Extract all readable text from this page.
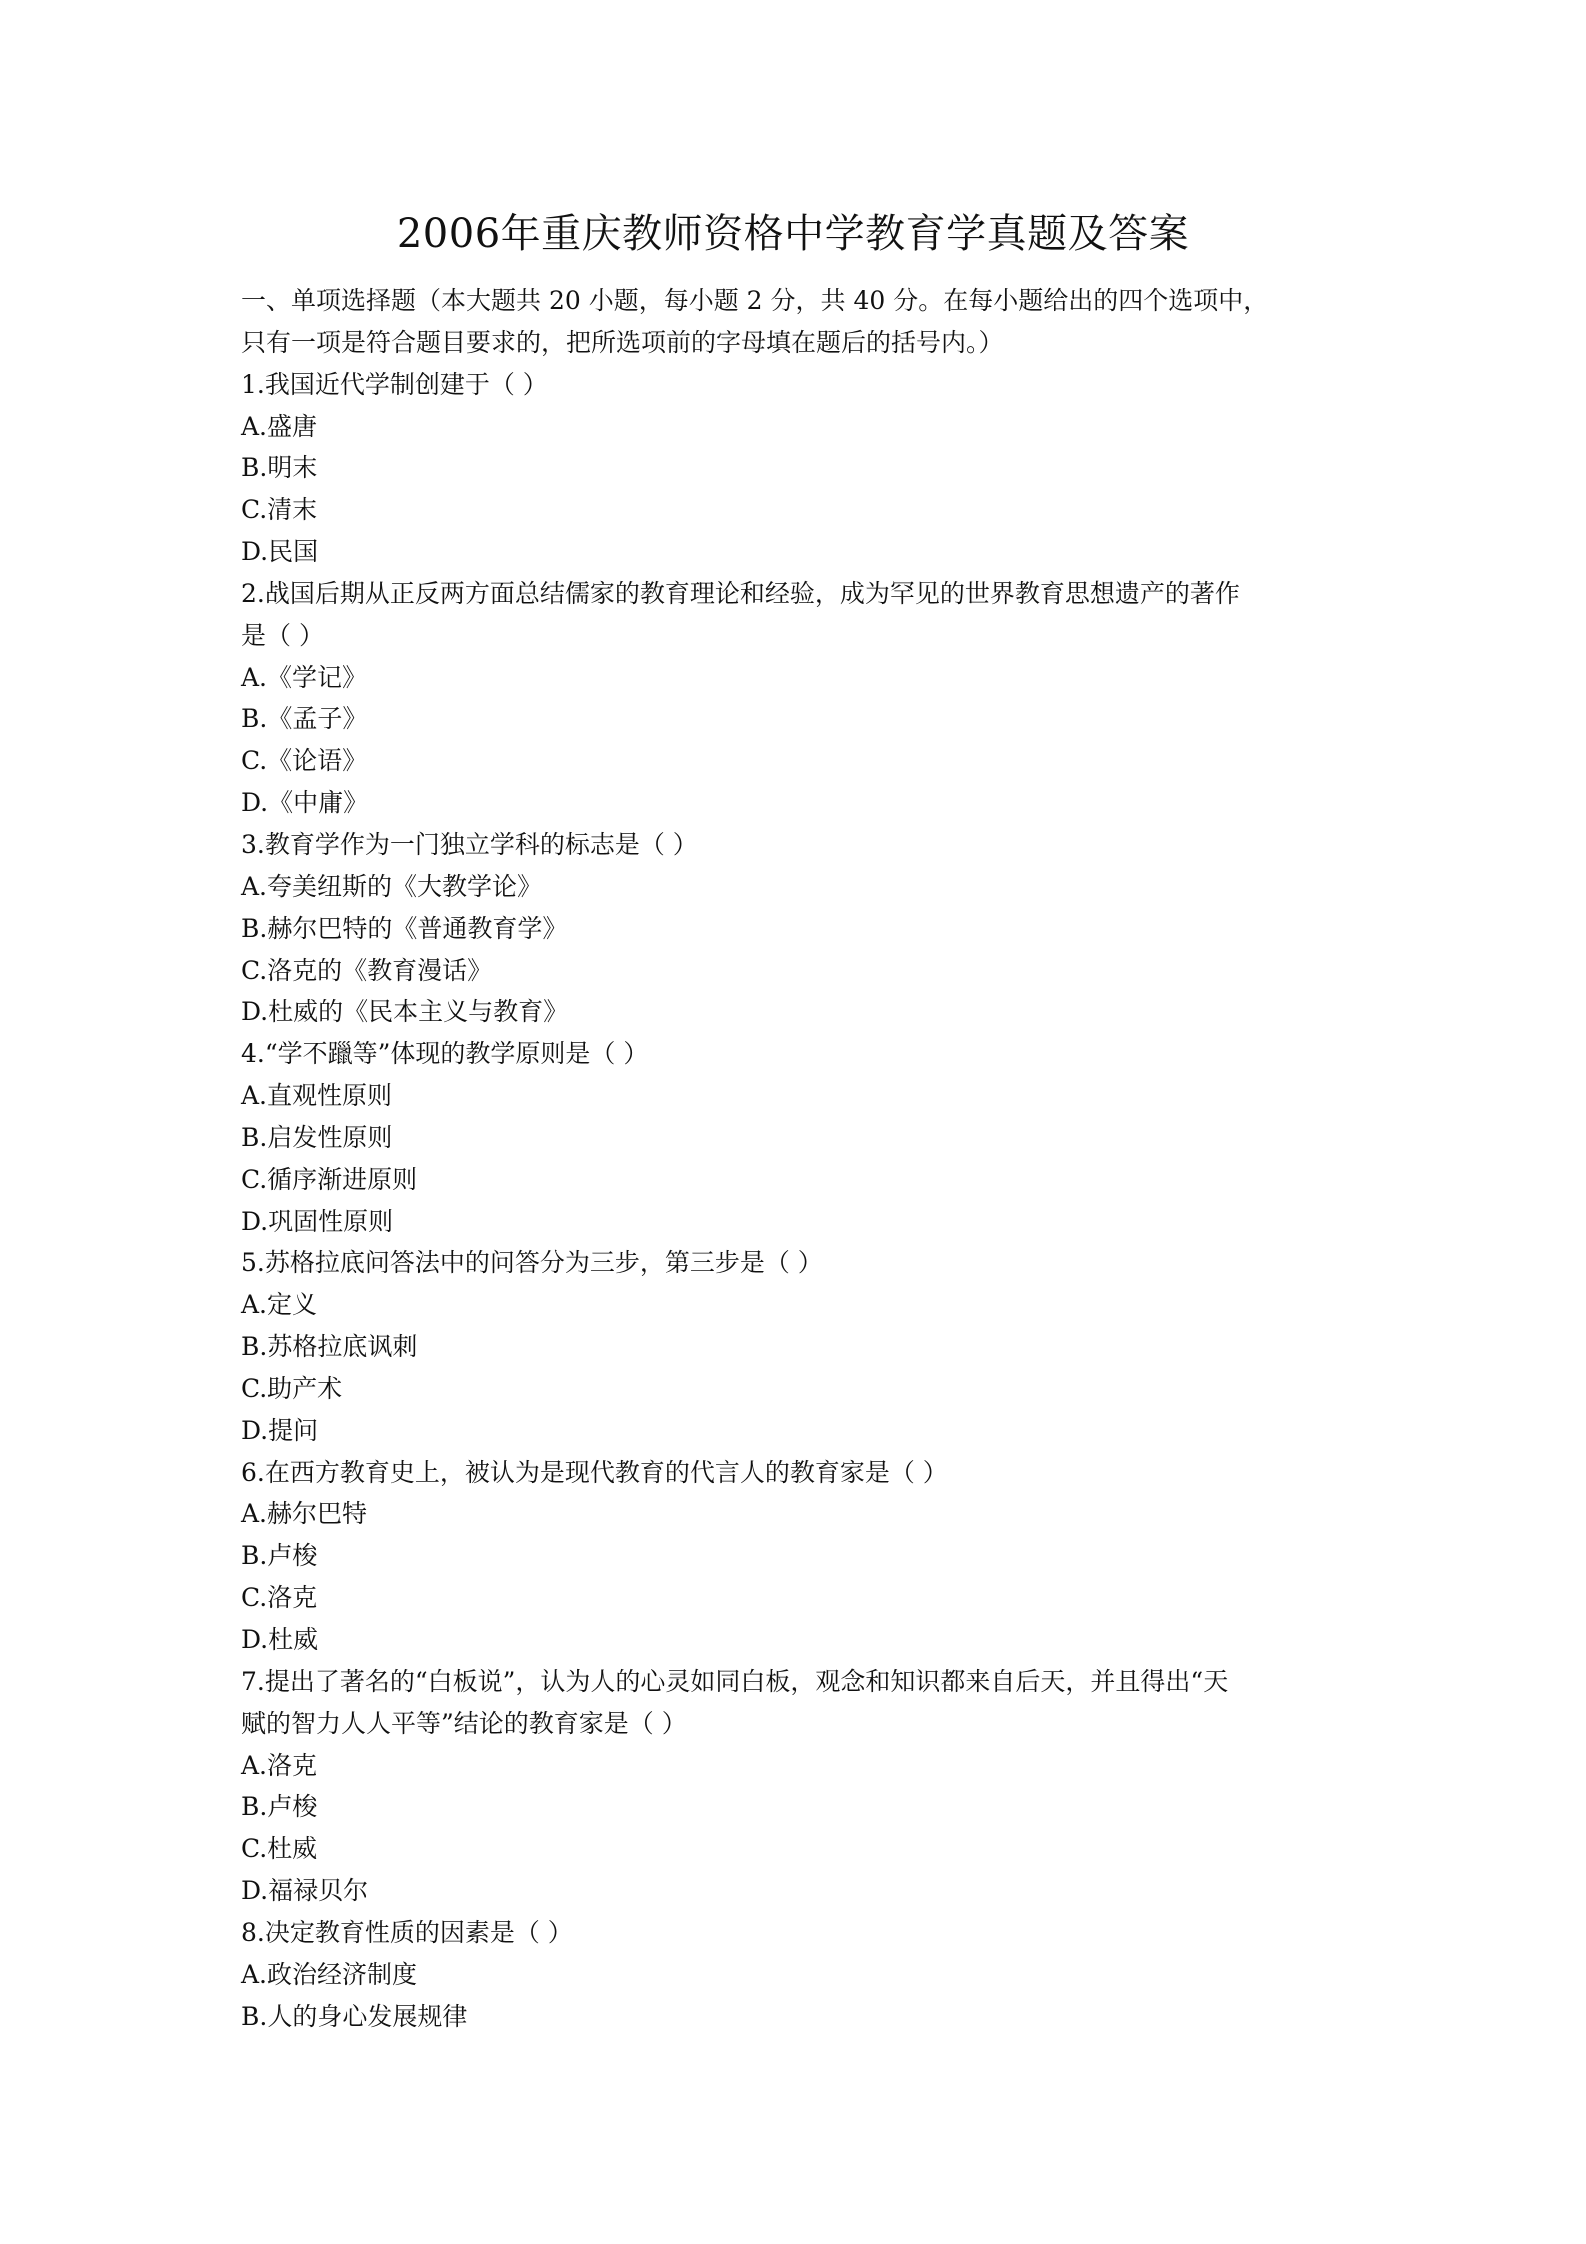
2006年重庆教师资格中学教育学真题及答案
一、单项选择题（本大题共 20 小题，每小题 2 分，共 40 分。在每小题给出的四个选项中，
只有一项是符合题目要求的，把所选项前的字母填在题后的括号内。）
1.我国近代学制创建于（ ）
A.盛唐
B.明末
C.清末
D.民国
2.战国后期从正反两方面总结儒家的教育理论和经验，成为罕见的世界教育思想遗产的著作
是（ ）
A.《学记》
B.《孟子》
C.《论语》
D.《中庸》
3.教育学作为一门独立学科的标志是（ ）
A.夸美纽斯的《大教学论》
B.赫尔巴特的《普通教育学》
C.洛克的《教育漫话》
D.杜威的《民本主义与教育》
4.“学不躐等”体现的教学原则是（ ）
A.直观性原则
B.启发性原则
C.循序渐进原则
D.巩固性原则
5.苏格拉底问答法中的问答分为三步，第三步是（ ）
A.定义
B.苏格拉底讽刺
C.助产术
D.提问
6.在西方教育史上，被认为是现代教育的代言人的教育家是（ ）
A.赫尔巴特
B.卢梭
C.洛克
D.杜威
7.提出了著名的“白板说”，认为人的心灵如同白板，观念和知识都来自后天，并且得出“天
赋的智力人人平等”结论的教育家是（ ）
A.洛克
B.卢梭
C.杜威
D.福禄贝尔
8.决定教育性质的因素是（ ）
A.政治经济制度
B.人的身心发展规律
